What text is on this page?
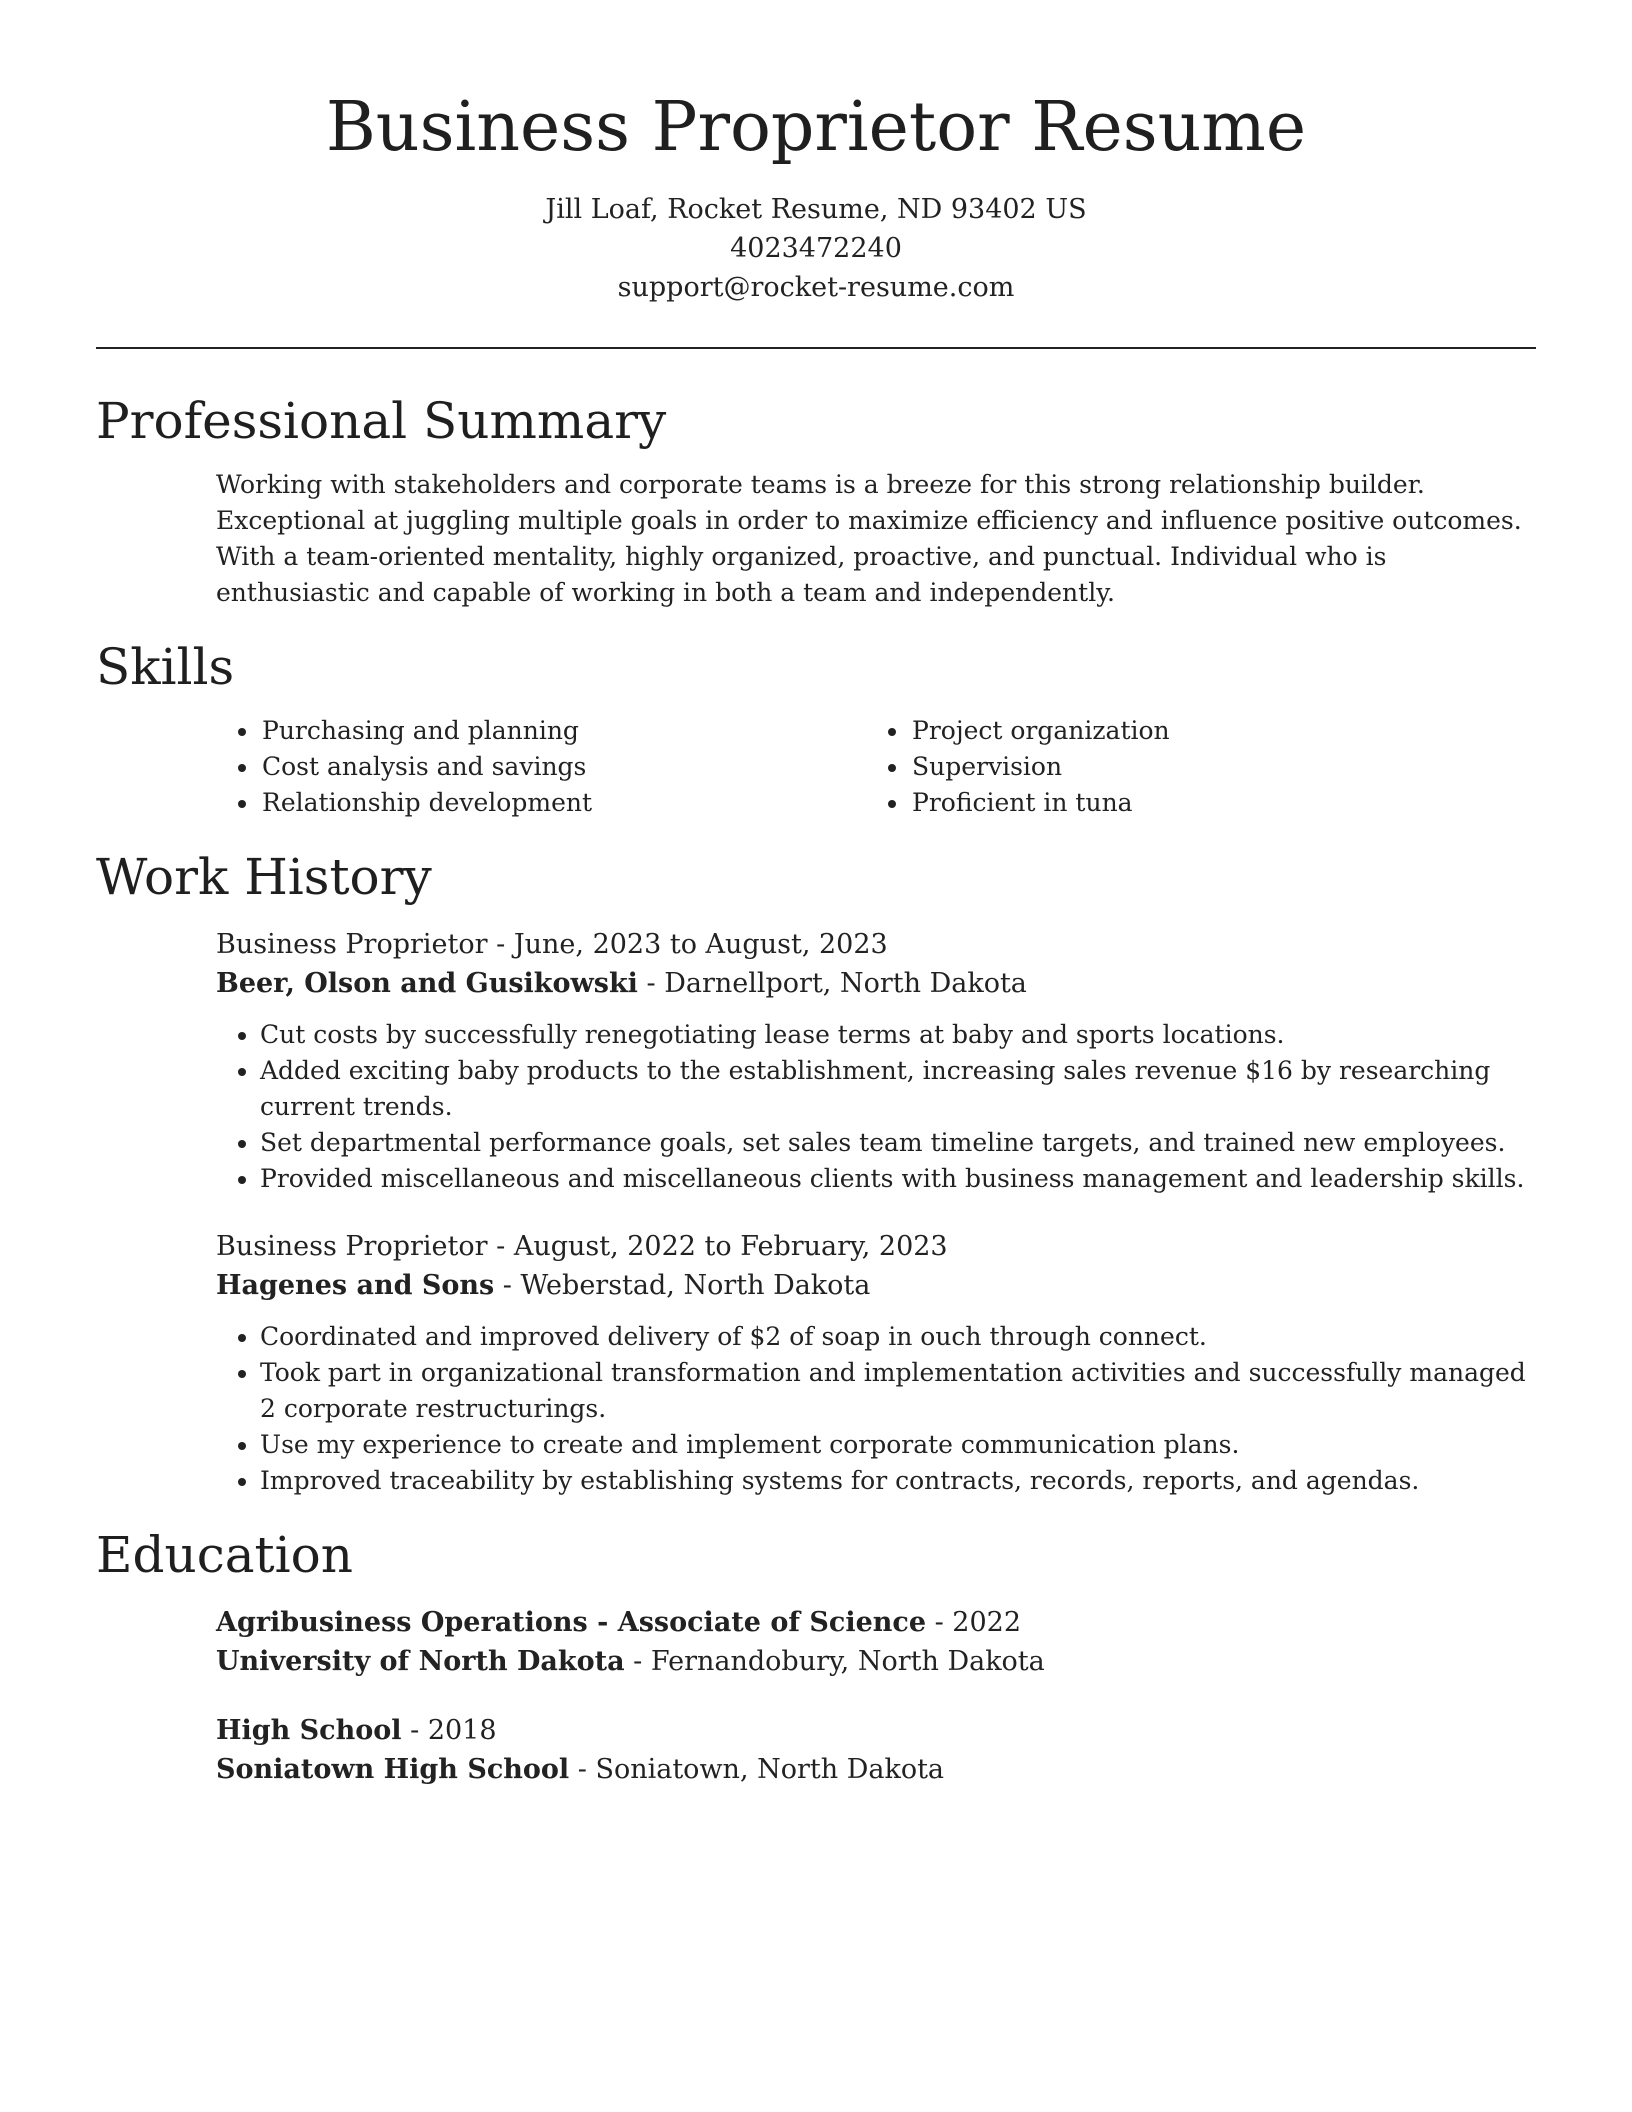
Business Proprietor Resume

Jill Loaf, Rocket Resume, ND 93402 US

4023472240

support@rocket-resume.com

Professional Summary

Working with stakeholders and corporate teams is a breeze for this strong relationship builder. Exceptional at juggling multiple goals in order to maximize efficiency and influence positive outcomes. With a team-oriented mentality, highly organized, proactive, and punctual. Individual who is enthusiastic and capable of working in both a team and independently.

Skills
• Purchasing and planning
• Cost analysis and savings
• Relationship development
• Project organization
• Supervision
• Proficient in tuna
Work History

Business Proprietor - June, 2023 to August, 2023

Beer, Olson and Gusikowski - Darnellport, North Dakota

• Cut costs by successfully renegotiating lease terms at baby and sports locations.
• Added exciting baby products to the establishment, increasing sales revenue $16 by researching current trends.
• Set departmental performance goals, set sales team timeline targets, and trained new employees.
• Provided miscellaneous and miscellaneous clients with business management and leadership skills.

Business Proprietor - August, 2022 to February, 2023

Hagenes and Sons - Weberstad, North Dakota

• Coordinated and improved delivery of $2 of soap in ouch through connect.
• Took part in organizational transformation and implementation activities and successfully managed 2 corporate restructurings.
• Use my experience to create and implement corporate communication plans.
• Improved traceability by establishing systems for contracts, records, reports, and agendas.
Education

Agribusiness Operations - Associate of Science - 2022

University of North Dakota - Fernandobury, North Dakota

High School - 2018

Soniatown High School - Soniatown, North Dakota
